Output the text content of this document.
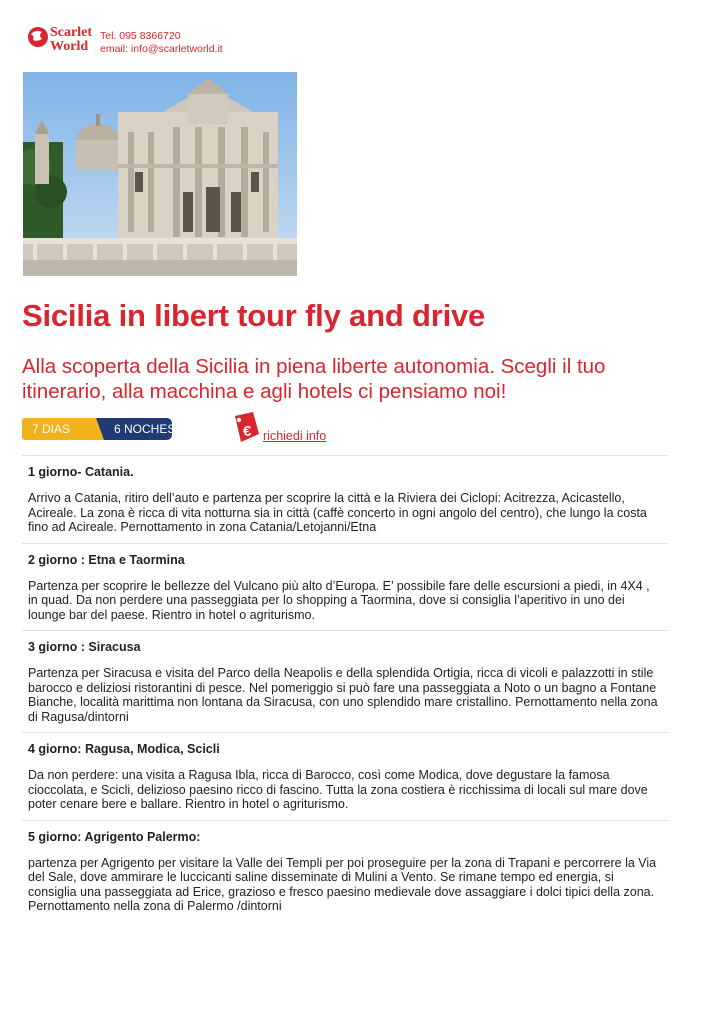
Scarlet
World
Tel. 095 8366720
email: info@scarletworld.it
Sicilia in libert tour fly and drive

Alla scoperta della Sicilia in piena liberte autonomia. Scegli il tuo itinerario, alla macchina e agli hotels ci pensiamo noi!

7 DIAS	6 NOCHES	€ richiedi info

1 giorno- Catania.

Arrivo a Catania, ritiro dell’auto e partenza per scoprire la città e la Riviera dei Ciclopi: Acitrezza, Acicastello, Acireale. La zona è ricca di vita notturna sia in città (caffè concerto in ogni angolo del centro), che lungo la costa fino ad Acireale. Pernottamento in zona Catania/Letojanni/Etna

2 giorno : Etna e Taormina

Partenza per scoprire le bellezze del Vulcano più alto d’Europa. E’ possibile fare delle escursioni a piedi, in 4X4 , in quad. Da non perdere una passeggiata per lo shopping a Taormina, dove si consiglia l’aperitivo in uno dei lounge bar del paese. Rientro in hotel o agriturismo.

3 giorno : Siracusa

Partenza per Siracusa e visita del Parco della Neapolis e della splendida Ortigia, ricca di vicoli e palazzotti in stile barocco e deliziosi ristorantini di pesce. Nel pomeriggio si può fare una passeggiata a Noto o un bagno a Fontane Bianche, località marittima non lontana da Siracusa, con uno splendido mare cristallino. Pernottamento nella zona di Ragusa/dintorni

4 giorno: Ragusa, Modica, Scicli

Da non perdere: una visita a Ragusa Ibla, ricca di Barocco, così come Modica, dove degustare la famosa cioccolata, e Scicli, delizioso paesino ricco di fascino. Tutta la zona costiera è ricchissima di locali sul mare dove poter cenare bere e ballare. Rientro in hotel o agriturismo.

5 giorno: Agrigento Palermo:

partenza per Agrigento per visitare la Valle dei Templi per poi proseguire per la zona di Trapani e percorrere la Via del Sale, dove ammirare le luccicanti saline disseminate di Mulini a Vento. Se rimane tempo ed energia, si consiglia una passeggiata ad Erice, grazioso e fresco paesino medievale dove assaggiare i dolci tipici della zona. Pernottamento nella zona di Palermo /dintorni
